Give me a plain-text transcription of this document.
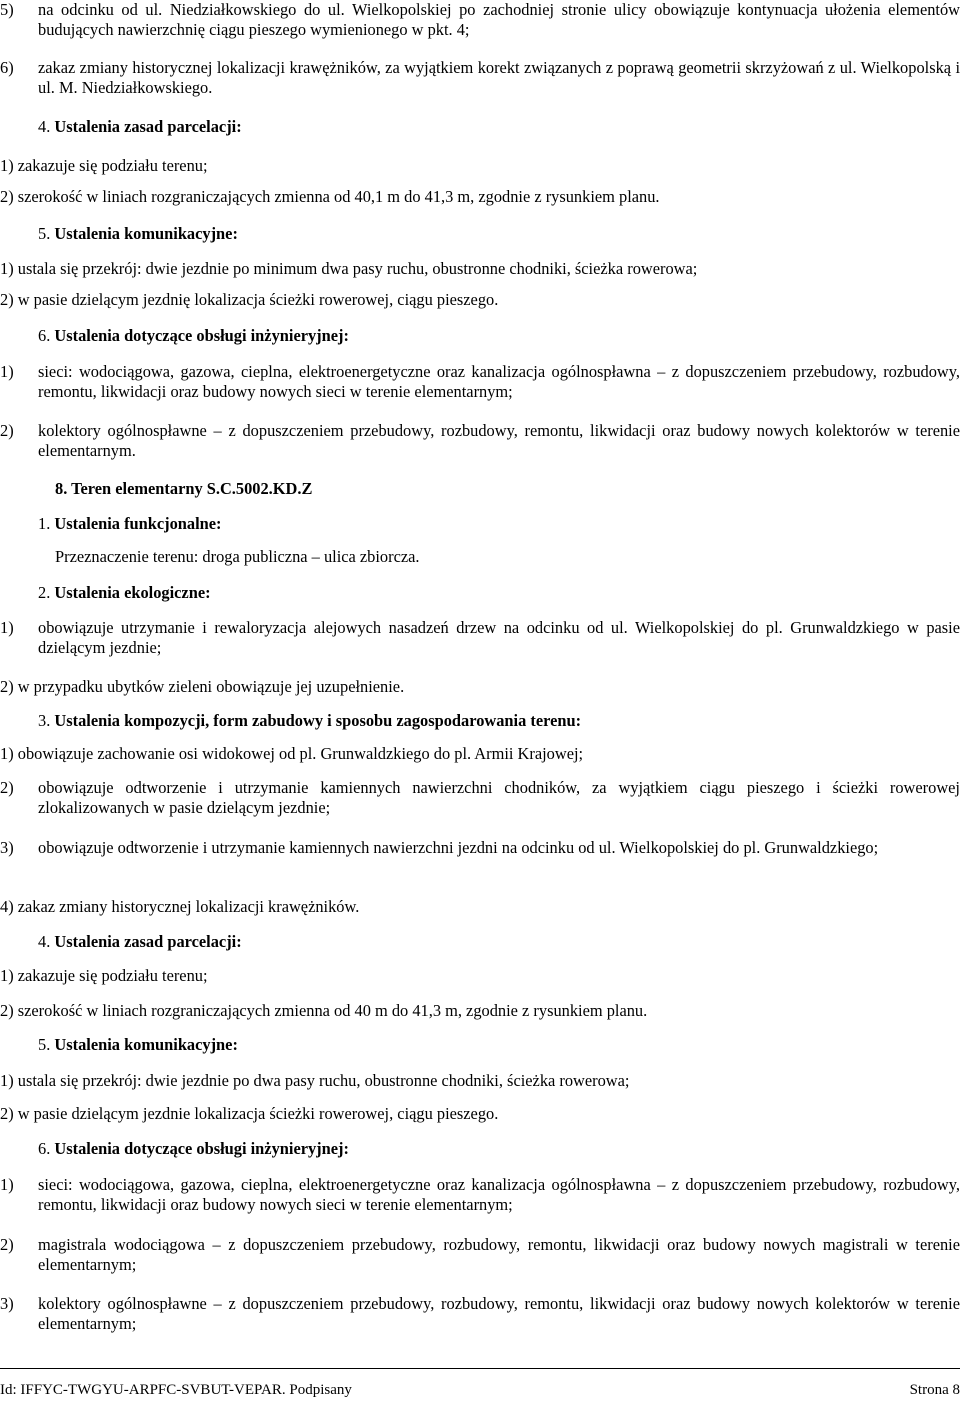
5)	na odcinku od ul. Niedziałkowskiego do ul. Wielkopolskiej po zachodniej stronie ulicy obowiązuje kontynuacja ułożenia elementów budujących nawierzchnię ciągu pieszego wymienionego w pkt. 4;
6)	zakaz zmiany historycznej lokalizacji krawężników, za wyjątkiem korekt związanych z poprawą geometrii skrzyżowań z ul. Wielkopolską i ul. M. Niedziałkowskiego.
4. Ustalenia zasad parcelacji:
1) zakazuje się podziału terenu;
2) szerokość w liniach rozgraniczających zmienna od 40,1 m do 41,3 m, zgodnie z rysunkiem planu.
5. Ustalenia komunikacyjne:
1) ustala się przekrój: dwie jezdnie po minimum dwa pasy ruchu, obustronne chodniki, ścieżka rowerowa;
2) w pasie dzielącym jezdnię lokalizacja ścieżki rowerowej, ciągu pieszego.
6. Ustalenia dotyczące obsługi inżynieryjnej:
1)	sieci: wodociągowa, gazowa, cieplna, elektroenergetyczne oraz kanalizacja ogólnospławna – z dopuszczeniem przebudowy, rozbudowy, remontu, likwidacji oraz budowy nowych sieci w terenie elementarnym;
2)	kolektory ogólnospławne – z dopuszczeniem przebudowy, rozbudowy, remontu, likwidacji oraz budowy nowych kolektorów w terenie elementarnym.
8. Teren elementarny S.C.5002.KD.Z
1. Ustalenia funkcjonalne:
Przeznaczenie terenu: droga publiczna – ulica zbiorcza.
2. Ustalenia ekologiczne:
1)	obowiązuje utrzymanie i rewaloryzacja alejowych nasadzeń drzew na odcinku od ul. Wielkopolskiej do pl. Grunwaldzkiego w pasie dzielącym jezdnie;
2) w przypadku ubytków zieleni obowiązuje jej uzupełnienie.
3. Ustalenia kompozycji, form zabudowy i sposobu zagospodarowania terenu:
1) obowiązuje zachowanie osi widokowej od pl. Grunwaldzkiego do pl. Armii Krajowej;
2)	obowiązuje odtworzenie i utrzymanie kamiennych nawierzchni chodników, za wyjątkiem ciągu pieszego i ścieżki rowerowej zlokalizowanych w pasie dzielącym jezdnie;
3)	obowiązuje odtworzenie i utrzymanie kamiennych nawierzchni jezdni na odcinku od ul. Wielkopolskiej do pl. Grunwaldzkiego;
4) zakaz zmiany historycznej lokalizacji krawężników.
4. Ustalenia zasad parcelacji:
1) zakazuje się podziału terenu;
2) szerokość w liniach rozgraniczających zmienna od 40 m do 41,3 m, zgodnie z rysunkiem planu.
5. Ustalenia komunikacyjne:
1) ustala się przekrój: dwie jezdnie po dwa pasy ruchu, obustronne chodniki, ścieżka rowerowa;
2) w pasie dzielącym jezdnie lokalizacja ścieżki rowerowej, ciągu pieszego.
6. Ustalenia dotyczące obsługi inżynieryjnej:
1)	sieci: wodociągowa, gazowa, cieplna, elektroenergetyczne oraz kanalizacja ogólnospławna – z dopuszczeniem przebudowy, rozbudowy, remontu, likwidacji oraz budowy nowych sieci w terenie elementarnym;
2)	magistrala wodociągowa – z dopuszczeniem przebudowy, rozbudowy, remontu, likwidacji oraz budowy nowych magistrali w terenie elementarnym;
3)	kolektory ogólnospławne – z dopuszczeniem przebudowy, rozbudowy, remontu, likwidacji oraz budowy nowych kolektorów w terenie elementarnym;
Id: IFFYC-TWGYU-ARPFC-SVBUT-VEPAR. Podpisany	Strona 8
